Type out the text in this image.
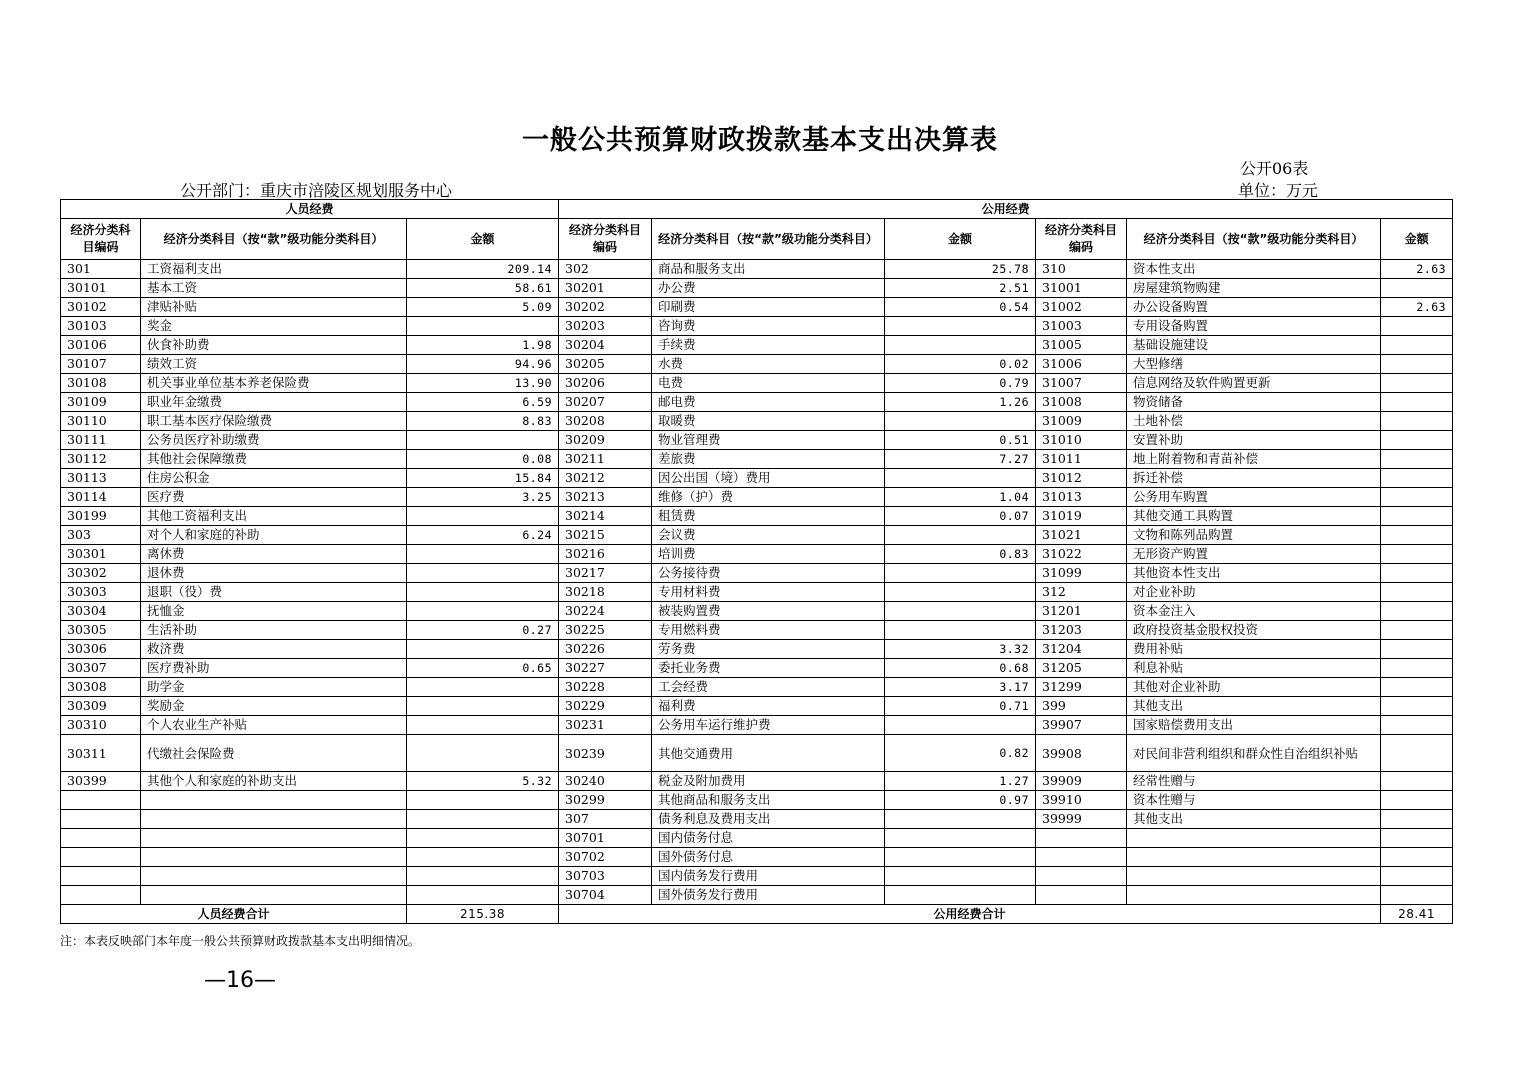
一般公共预算财政拨款基本支出决算表
公开06表
公开部门：重庆市涪陵区规划服务中心	单位：万元
人员经费			公用经费					
经济分类科目编码	经济分类科目（按“款”级功能分类科目）	金额	经济分类科目编码	经济分类科目（按“款”级功能分类科目）	金额	经济分类科目编码	经济分类科目（按“款”级功能分类科目）	金额
301	工资福利支出	209.14	302	商品和服务支出	25.78	310	资本性支出	2.63
30101	基本工资	58.61	30201	办公费	2.51	31001	房屋建筑物购建	
30102	津贴补贴	5.09	30202	印刷费	0.54	31002	办公设备购置	2.63
30103	奖金		30203	咨询费		31003	专用设备购置	
30106	伙食补助费	1.98	30204	手续费		31005	基础设施建设	
30107	绩效工资	94.96	30205	水费	0.02	31006	大型修缮	
30108	机关事业单位基本养老保险费	13.90	30206	电费	0.79	31007	信息网络及软件购置更新	
30109	职业年金缴费	6.59	30207	邮电费	1.26	31008	物资储备	
30110	职工基本医疗保险缴费	8.83	30208	取暖费		31009	土地补偿	
30111	公务员医疗补助缴费		30209	物业管理费	0.51	31010	安置补助	
30112	其他社会保障缴费	0.08	30211	差旅费	7.27	31011	地上附着物和青苗补偿	
30113	住房公积金	15.84	30212	因公出国（境）费用		31012	拆迁补偿	
30114	医疗费	3.25	30213	维修（护）费	1.04	31013	公务用车购置	
30199	其他工资福利支出		30214	租赁费	0.07	31019	其他交通工具购置	
303	对个人和家庭的补助	6.24	30215	会议费		31021	文物和陈列品购置	
30301	离休费		30216	培训费	0.83	31022	无形资产购置	
30302	退休费		30217	公务接待费		31099	其他资本性支出	
30303	退职（役）费		30218	专用材料费		312	对企业补助	
30304	抚恤金		30224	被装购置费		31201	资本金注入	
30305	生活补助	0.27	30225	专用燃料费		31203	政府投资基金股权投资	
30306	救济费		30226	劳务费	3.32	31204	费用补贴	
30307	医疗费补助	0.65	30227	委托业务费	0.68	31205	利息补贴	
30308	助学金		30228	工会经费	3.17	31299	其他对企业补助	
30309	奖励金		30229	福利费	0.71	399	其他支出	
30310	个人农业生产补贴		30231	公务用车运行维护费		39907	国家赔偿费用支出	
30311	代缴社会保险费		30239	其他交通费用	0.82	39908	对民间非营利组织和群众性自治组织补贴	
30399	其他个人和家庭的补助支出	5.32	30240	税金及附加费用	1.27	39909	经常性赠与	
			30299	其他商品和服务支出	0.97	39910	资本性赠与	
			307	债务利息及费用支出		39999	其他支出	
			30701	国内债务付息				
			30702	国外债务付息				
			30703	国内债务发行费用				
			30704	国外债务发行费用				
人员经费合计		215.38	公用经费合计					28.41
注：本表反映部门本年度一般公共预算财政拨款基本支出明细情况。
—16—
